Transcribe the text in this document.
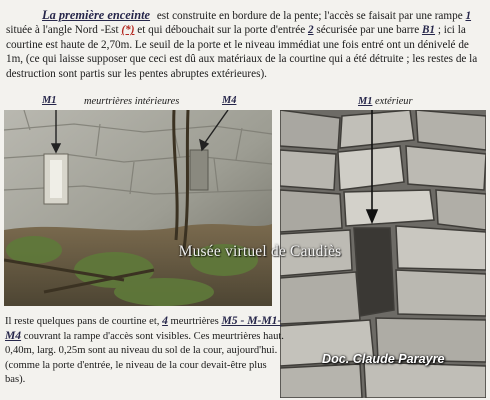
La première enceinte est construite en bordure de la pente; l'accès se faisait par une rampe 1 située à l'angle Nord -Est (*) et qui débouchait sur la porte d'entrée 2 sécurisée par une barre B1 ; ici la courtine est haute de 2,70m. Le seuil de la porte et le niveau immédiat une fois entré ont un dénivelé de 1m, (ce qui laisse supposer que ceci est dû aux matériaux de la courtine qui a été détruite ; les restes de la destruction sont partis sur les pentes abruptes extérieures).
M1	meurtrières intérieures	M4	M1 extérieur
Musée virtuel de Caudiès
Doc. Claude Parayre
Il reste quelques pans de courtine et, 4 meurtrières M5 - M-M1-M4 couvrant la rampe d'accès sont visibles. Ces meurtrières haut. 0,40m, larg. 0,25m sont au niveau du sol de la cour, aujourd'hui. (comme la porte d'entrée, le niveau de la cour devait-être plus bas).
